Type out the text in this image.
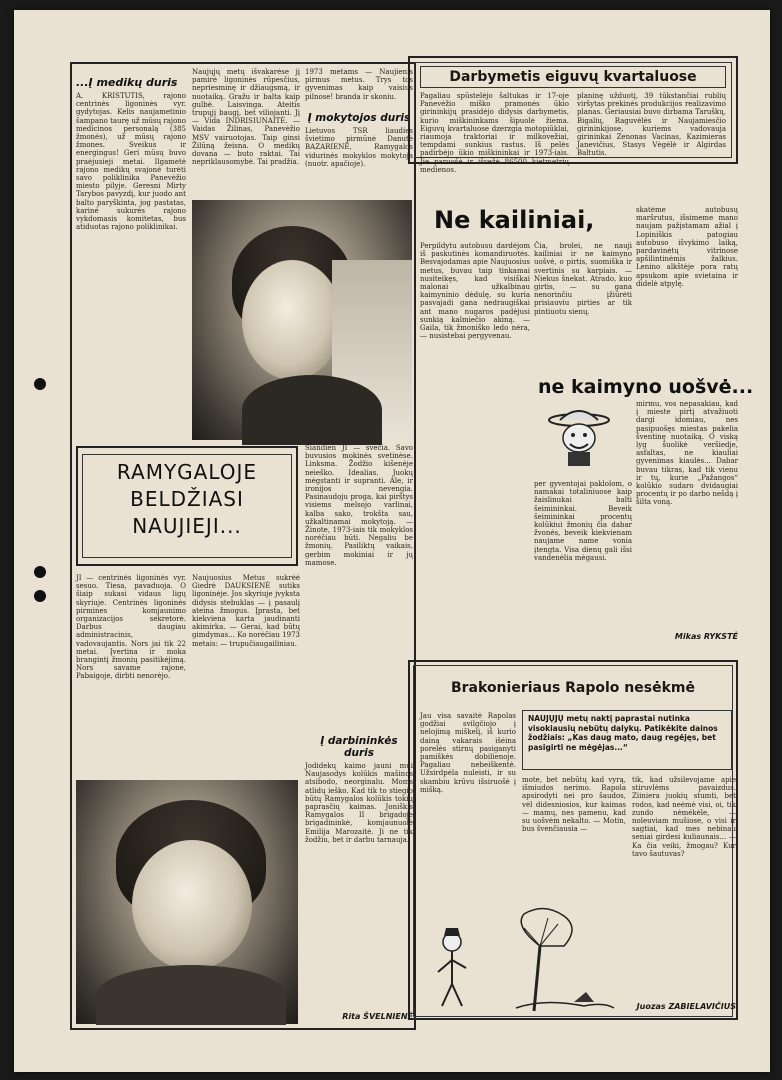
...Į medikų duris
A. KRISTUTIS, rajono centrinės ligoninės vyr. gydytojas. Kelis naujametinio šampano taurę už mūsų rajono medicinos personalą (385 žmonės), už mūsų rajono žmones. Sveikus ir energingus! Geri mūsų buvo praėjusieji metai. Ilgametė rajono medikų svajonė turėti savo poliklinika Panevėžio miesto pilyje. Geresni Mirty Tarybos pavyzdį, kur juodo ant balto paryškinta, jog pastatas, karinė sukurės rajono vykdomasis komitetas, bus atiduotas rajono poliklinikai.
Naujųjų metų išvakarėse jį pamirė ligoninės rūpesčius, nepriesminę ir džiaugsmą, ir nuotaiką. Gražu ir balta kaip gulbė. Laisvinga. Ateitis trupųjį baugį, bet viliojanti. Jį — Vida INDRISIUNAITĖ. — Vaidas Žilinas, Panevėžio MSV vairuotojas. Taip ginsi Žilūną žeisna. O medikų dovana — buto raktai. Tai nepriklausomybė. Tai pradžia.
1973 metams — Naujienis pirmus metus. Trys tos gyvenimas kaip vaisius pilnose! branda ir skoniu.
Į mokytojos duris
Lietuvos TSR liaudies švietimo pirmūnė Danutė BAZARIENĖ, Ramygalos vidurinės mokyklos mokytoja (nuotr. apačioje).
RAMYGALOJE
BELDŽIASI
NAUJIEJI...
Šiandien JI — svečia. Savo buvusios mokinės svetinėse. Linksma. Žodžio kišenėje neieško. Idealias. Juokų mėgstanti ir supranti. Ale, ir ironijos nevengia. Pasinaudoju proga, kai pirštys visiems melsojo varlinai, kalba sako, trokšta sau, užkaltinamai mokytoją. — Žinote, 1973-iais tik mokyklos norėčiau būti. Negaliu be žmonių. Pasiliktų vaikais, gerbim mokiniai ir jų mamose.
Į darbininkės duris
Jodidekų kaimo jauni mui Naujasodys kolūkis mašinos atsibodo, neorginalu. Moms atlidų ieško. Kad tik to stiegio būtų Ramygalos kolūkis tokių paprasčių kaimas. Joniškis Ramygalos II brigadoje brigadininkė, komjaunuolė Emilija Marozaitė. Ji ne tik žodžiu, bet ir darbu tarnauja.
Rita ŠVELNIENĖ
JI — centrinės ligoninės vyr. sesuo. Tiesa, pavaduoja. O šiaip sukasi vidaus ligų skyriuje. Centrinės ligoninės pirmines komjaunimo organizacijos sekretorė. Darbus daugiau administracinis, vadovaujantis. Nors jai tik 22 metai. Įvertina ir moka brangintį žmonių pasitikėjimą. Nors savame rajone, Pabaigoje, dirbti nenorėjo.
Naujuosius Metus sukrėė Giedrė DAUKSIENĖ sutiks ligoninėje. Jos skyriuje jvyksta didysis stebuklas — į pasaulį ateina žmogus. Įprasta, bet kiekviena karta jaudinanti akimirka. — Gerai, kad būtų gimdymas... Ko norėčiau 1973 metais: — trupučiaugailiniau.
Darbymetis eiguvų kvartaluose
Pagaliau spūstelėjo šaltukas ir 17-oje Panevėžio miško pramonės ūkio girininkijų prasidėjo didysis darbymetis, kurio miškininkams šipuolė žiema. Eiguvų kvartaluose dzerzgia motopiūklai, riaumoja traktoriai ir milkovežiai, tempdami sunkius rastus. Iš pelės padirbėjo ūkio miškininkai ir 1973-iais. Jie paruošė ir išvežė 86500 kietmetrių medienos.
planinę užduotį, 39 tūkstančiai rublių viršytas prekinės produkcijos realizavimo planas. Geriausiai buvo dirbama Taruškų, Bigalių, Raguvėlės ir Naujamiesčio girininkijose, kuriems vadovauja girininkai Zenonas Vacinas, Kazimieras Janevičius, Stasys Vėgėlė ir Algirdas Baltutis.
Ne kailiniai,
Perpildytu autobusu dardėjom iš paskutinės komandiruotės. Besvajodamas apie Naujuosius metus, buvau taip tinkamai nusiteikęs, kad visiškai malonai užkalbinau kaimyninio dėdulę, su kuria pasvajadi gana nedraugiškai ant mano nugaros padėjusi sunkią kalmiečio akiną. — Gaila, tik žmoniško ledo nėra, — nusistebai pergyvenau.
Čia, brolei, ne nauji kailiniai ir ne kaimyno uošvė, o pirtis, suomiška ir svertinis su karpiais. — Niekus šnekat. Atrado, kuo girtis, — su gana nenorinčiu įžiūrėti prisiauviu pirties ar tik pintiuotu sienų.
skatėme autobusų maršrutus, išsimeme mano naujam pažįstamam ažial į Lopiniškis patogiau autobuso išvykimo laiką, pardavinėtų vitrinose apšilintinėmis žalkius. Lenino alkštėje pora ratų apsukom apie svietaina ir didelė atpylę.
ne kaimyno uošvė...
per gyventojai paklolom, o namakai totaliniuose kaip žaislinukai balti šeimininkai. Beveik šeimininkai procentų kolūkiui žmonių čia dabar žvonės, beveik kiekvienam naujame name vonia įtengta. Visa dienų gali išsi vandenėlia mėgausi.
mirmu, vos nepasakiau, kad į mieste pirtį atvažiuoti dargi idomiau, nes pasipuošęs miestas pakelia šventinę nuotaiką. O viską lyg šuolikė veršiedje, asfaltas, ne kiauliai gyvenimas kiaulės... Dabar buvau tikras, kad tik vienu ir tų, kurie „Pažangos“ kolūkio sudaro dvidaugiai procentų ir po darbo nešdą į šilta voną.
Mikas RYKSTĖ
Brakonieriaus Rapolo nesėkmė
Jau visa savaitė Rapolas godžiai svilgčiojo į nelojimą miškelį, iš kurio dainą vakarais išėina porelės stirnų pasiganyti pamiškės dobilienoje. Pagaliau nebeiškentė. Užsirdpėla nuleisti, ir su skambiu krūvu išsiruošė į mišką.
NAUJŲJŲ metų naktį paprastai nutinka visokiausių nebūtų dalykų. Patikėkite dainos žodžiais: „Kas daug mato, daug regėjęs, bet pasigirti ne mėgėjas...“
mote, bet nebūtų kad vyrą, išmiudos nerimo. Rapola apsirodyti nei pro šaudos, vėl didesniosios, kur kaimas — mamų, nes pamenu, kad su uošvėm nekalto. — Motin, bus švenčiausia —
tik, kad užsilevojame apie stiruvlėms pavaizdus. Ziiniera juokių stumti, bet rodos, kad neėmė visi, oi, tik zundo nėmėkėle, — noleuviam mušiose, o visi ir sagtiai, kad mes nebinau seniai girdesi kuliaunais... — Ka čia veiki, žmogau? Kur tavo šautuvas?
Juozas ZABIELAVIČIUS
